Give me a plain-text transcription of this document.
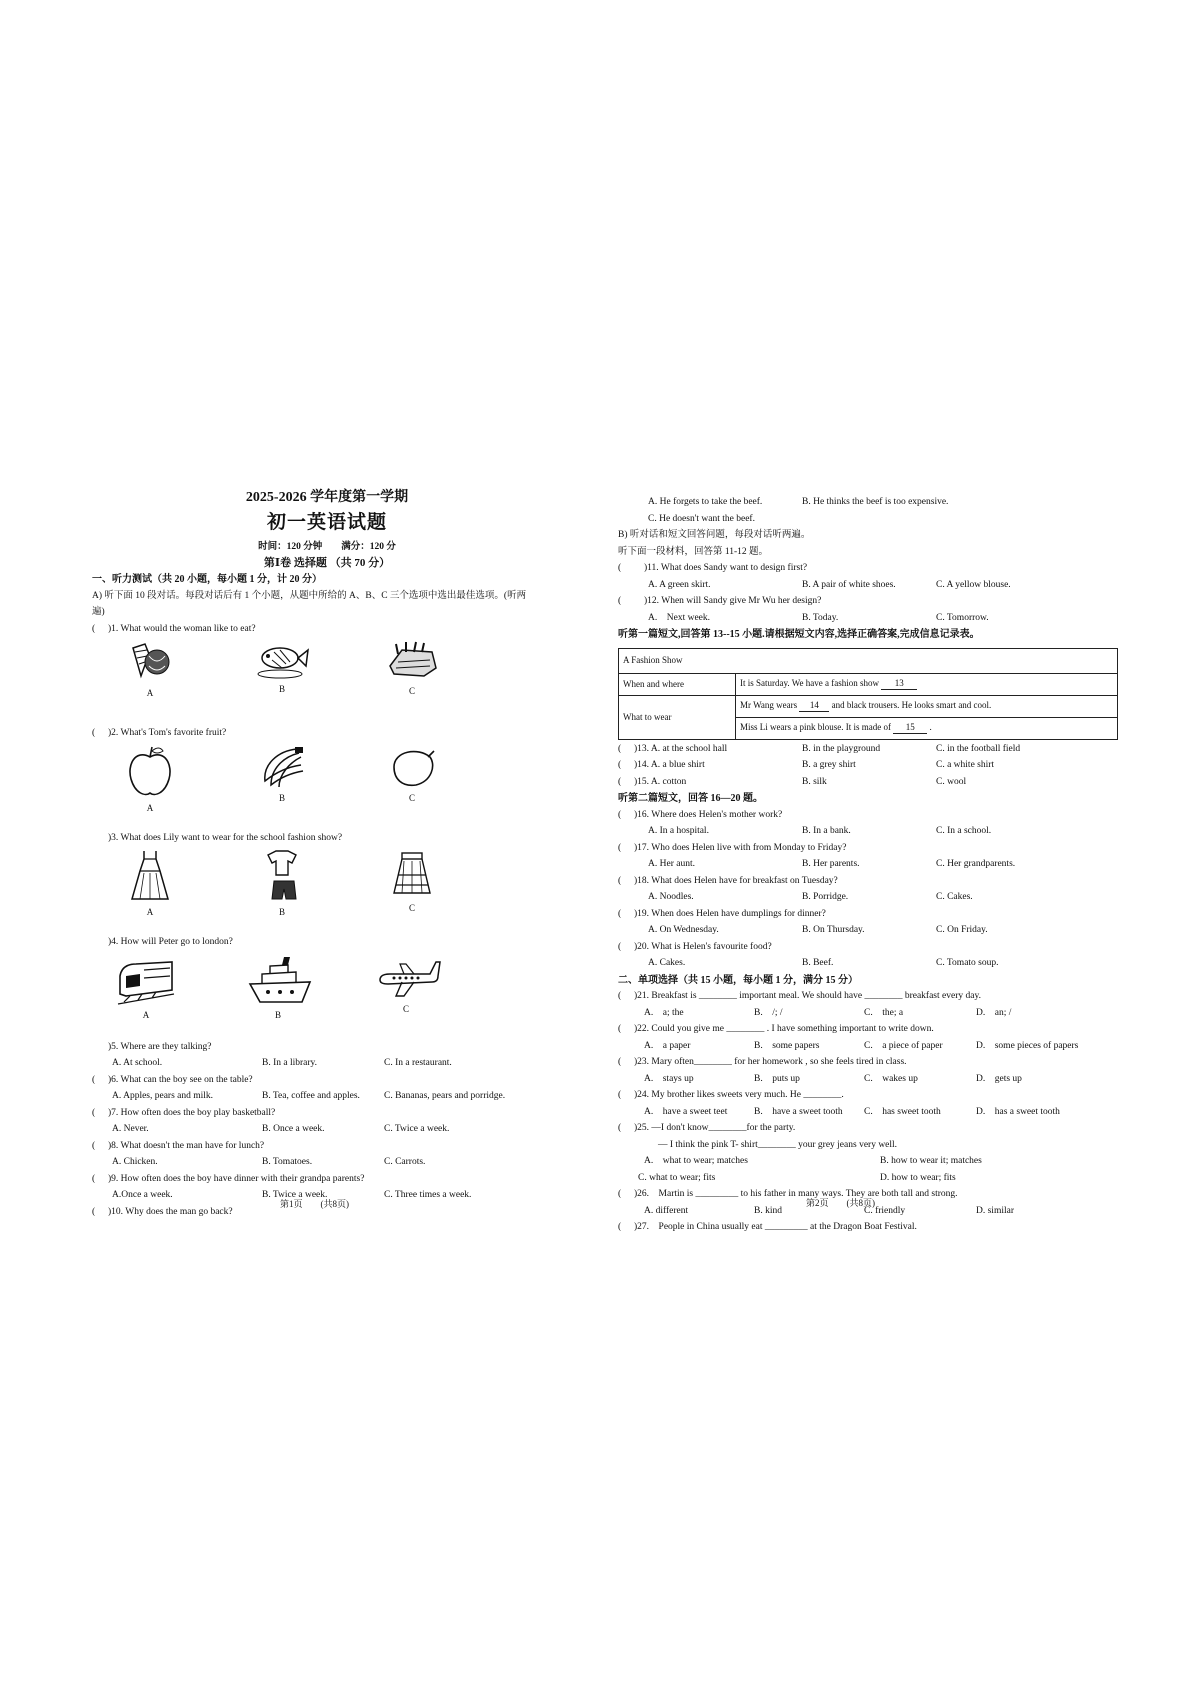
2025-2026 学年度第一学期
初一英语试题
时间：120 分钟　　满分：120 分
第Ⅰ卷 选择题 （共 70 分）
一、听力测试（共 20 小题，每小题 1 分，计 20 分）
A) 听下面 10 段对话。每段对话后有 1 个小题，从题中所给的 A、B、C 三个选项中选出最佳选项。(听两
遍)
( )1. What would the woman like to eat?
A	B	C
( )2. What's Tom's favorite fruit?
A
B	C
)3. What does Lily want to wear for the school fashion show?
A	B	C
)4. How will Peter go to london?
A	B
C
)5. Where are they talking?
A. At school.	B. In a library.	C. In a restaurant.
( )6. What can the boy see on the table?
A. Apples, pears and milk.	B. Tea, coffee and apples.	C. Bananas, pears and porridge.
( )7. How often does the boy play basketball?
A. Never.	B. Once a week.	C. Twice a week.
( )8. What doesn't the man have for lunch?
A. Chicken.	B. Tomatoes.	C. Carrots.
( )9. How often does the boy have dinner with their grandpa parents?
A.Once a week.	B. Twice a week.	C. Three times a week.
( )10. Why does the man go back?
第1页　　(共8页)
A. He forgets to take the beef.	B. He thinks the beef is too expensive.
C. He doesn't want the beef.
B) 听对话和短文回答问题，每段对话听两遍。
听下面一段材料，回答第 11-12 题。
( )11. What does Sandy want to design first?
A. A green skirt.	B. A pair of white shoes.	C. A yellow blouse.
( )12. When will Sandy give Mr Wu her design?
A.　Next week.	B. Today.	C. Tomorrow.
听第一篇短文,回答第 13--15 小题.请根据短文内容,选择正确答案,完成信息记录表。
A Fashion Show	
When and where	It is Saturday. We have a fashion show 13
What to wear	Mr Wang wears 14 and black trousers. He looks smart and cool.
	Miss Li wears a pink blouse. It is made of 15 .
( )13. A. at the school hall	B. in the playground	C. in the football field
( )14. A. a blue shirt	B. a grey shirt	C. a white shirt
( )15. A. cotton	B. silk	C. wool
听第二篇短文，回答 16—20 题。
( )16. Where does Helen's mother work?
A. In a hospital.	B. In a bank.	C. In a school.
( )17. Who does Helen live with from Monday to Friday?
A. Her aunt.	B. Her parents.	C. Her grandparents.
( )18. What does Helen have for breakfast on Tuesday?
A. Noodles.	B. Porridge.	C. Cakes.
( )19. When does Helen have dumplings for dinner?
A. On Wednesday.	B. On Thursday.	C. On Friday.
( )20. What is Helen's favourite food?
A. Cakes.	B. Beef.	C. Tomato soup.
二、单项选择（共 15 小题，每小题 1 分，满分 15 分）
( )21. Breakfast is ________ important meal. We should have ________ breakfast every day.
A.　a; the	B.　/; /	C.　the; a	D.　an; /
( )22. Could you give me ________ . I have something important to write down.
A.　a paper	B.　some papers	C.　a piece of paper	D.　some pieces of papers
( )23. Mary often________ for her homework , so she feels tired in class.
A.　stays up	B.　puts up	C.　wakes up	D.　gets up
( )24. My brother likes sweets very much. He ________.
A.　have a sweet teet	B.　have a sweet tooth C.　has sweet tooth	D.　has a sweet tooth
( )25. —I don't know________for the party.
— I think the pink T- shirt________ your grey jeans very well.
A.　what to wear; matches	B. how to wear it; matches
C. what to wear; fits	D. how to wear; fits
( )26.　Martin is _________ to his father in many ways. They are both tall and strong.
A. different	B. kind	C. friendly	D. similar
( )27.　People in China usually eat _________ at the Dragon Boat Festival.
第2页　　(共8页)
